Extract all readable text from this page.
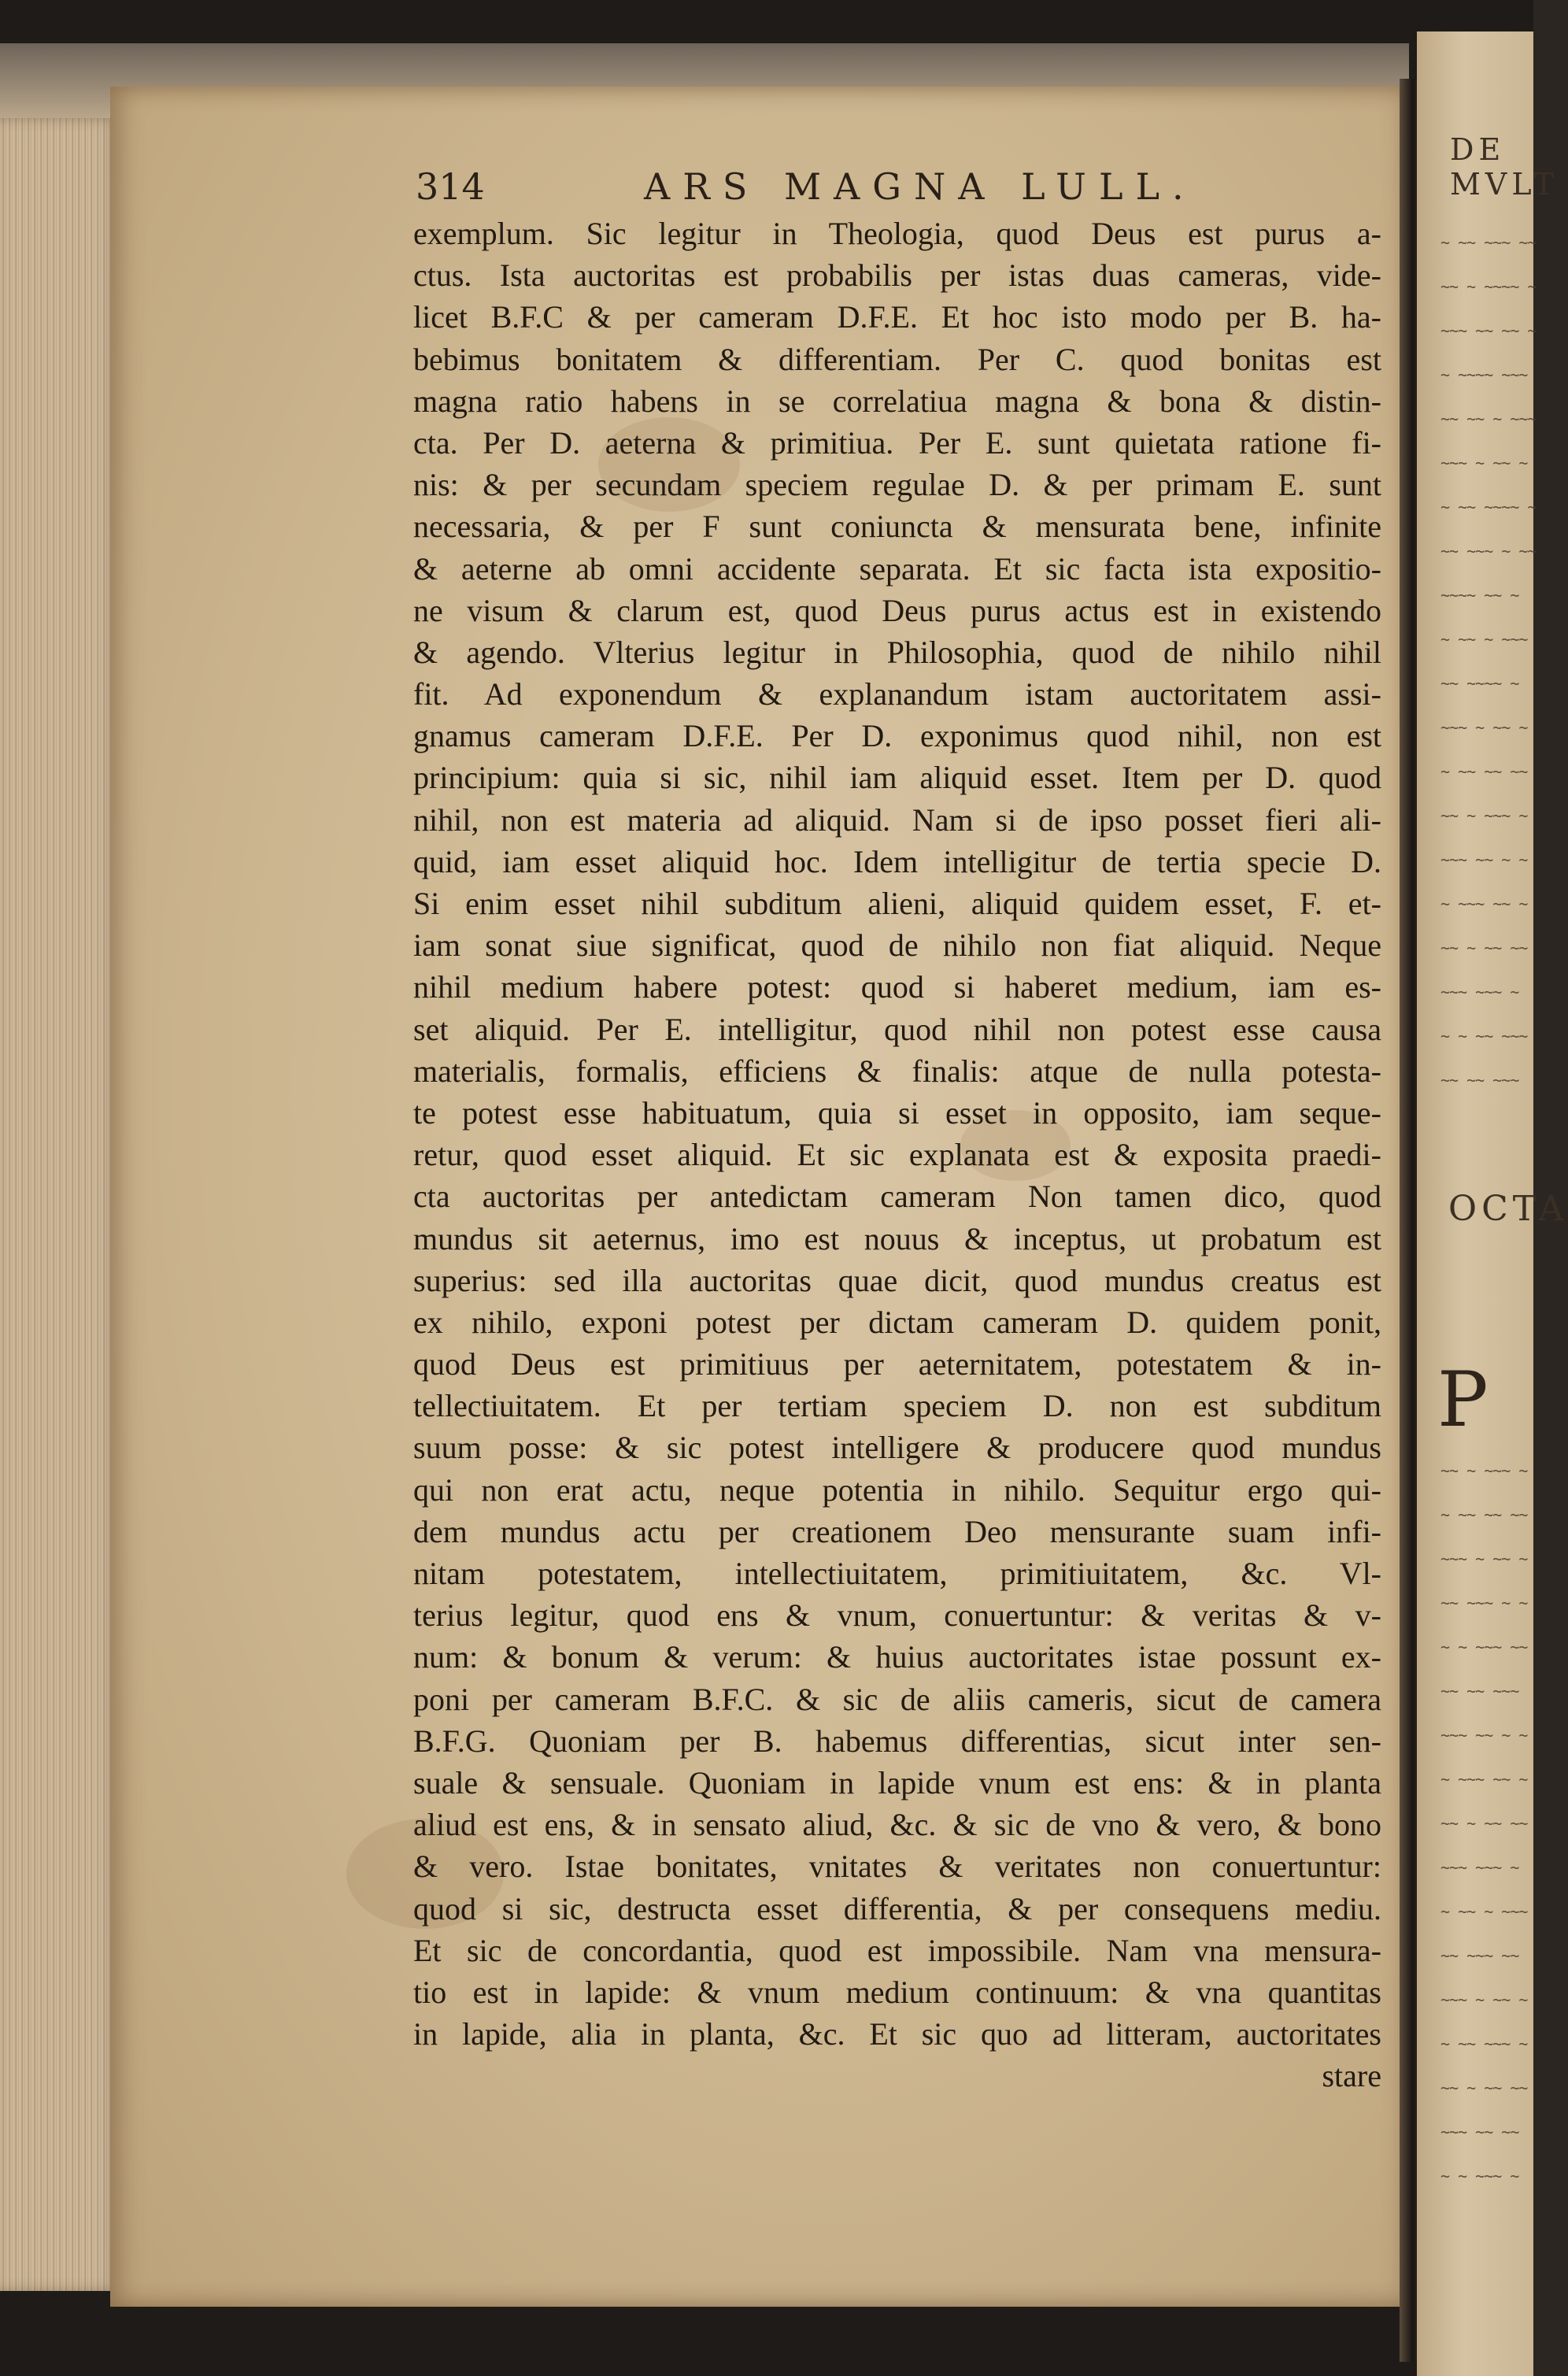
314	ARS MAGNA LULL.
exemplum. Sic legitur in Theologia, quod Deus est purus a-
ctus. Ista auctoritas est probabilis per istas duas cameras, vide-
licet B.F.C & per cameram D.F.E. Et hoc isto modo per B. ha-
bebimus bonitatem & differentiam. Per C. quod bonitas est
magna ratio habens in se correlatiua magna & bona & distin-
cta. Per D. aeterna & primitiua. Per E. sunt quietata ratione fi-
nis: & per secundam speciem regulae D. & per primam E. sunt
necessaria, & per F sunt coniuncta & mensurata bene, infinite
& aeterne ab omni accidente separata. Et sic facta ista expositio-
ne visum & clarum est, quod Deus purus actus est in existendo
& agendo. Vlterius legitur in Philosophia, quod de nihilo nihil
fit. Ad exponendum & explanandum istam auctoritatem assi-
gnamus cameram D.F.E. Per D. exponimus quod nihil, non est
principium: quia si sic, nihil iam aliquid esset. Item per D. quod
nihil, non est materia ad aliquid. Nam si de ipso posset fieri ali-
quid, iam esset aliquid hoc. Idem intelligitur de tertia specie D.
Si enim esset nihil subditum alieni, aliquid quidem esset, F. et-
iam sonat siue significat, quod de nihilo non fiat aliquid. Neque
nihil medium habere potest: quod si haberet medium, iam es-
set aliquid. Per E. intelligitur, quod nihil non potest esse causa
materialis, formalis, efficiens & finalis: atque de nulla potesta-
te potest esse habituatum, quia si esset in opposito, iam seque-
retur, quod esset aliquid. Et sic explanata est & exposita praedi-
cta auctoritas per antedictam cameram Non tamen dico, quod
mundus sit aeternus, imo est nouus & inceptus, ut probatum est
superius: sed illa auctoritas quae dicit, quod mundus creatus est
ex nihilo, exponi potest per dictam cameram D. quidem ponit,
quod Deus est primitiuus per aeternitatem, potestatem & in-
tellectiuitatem. Et per tertiam speciem D. non est subditum
suum posse: & sic potest intelligere & producere quod mundus
qui non erat actu, neque potentia in nihilo. Sequitur ergo qui-
dem mundus actu per creationem Deo mensurante suam infi-
nitam potestatem, intellectiuitatem, primitiuitatem, &c. Vl-
terius legitur, quod ens & vnum, conuertuntur: & veritas & v-
num: & bonum & verum: & huius auctoritates istae possunt ex-
poni per cameram B.F.C. & sic de aliis cameris, sicut de camera
B.F.G. Quoniam per B. habemus differentias, sicut inter sen-
suale & sensuale. Quoniam in lapide vnum est ens: & in planta
aliud est ens, & in sensato aliud, &c. & sic de vno & vero, & bono
& vero. Istae bonitates, vnitates & veritates non conuertuntur:
quod si sic, destructa esset differentia, & per consequens mediu.
Et sic de concordantia, quod est impossibile. Nam vna mensura-
tio est in lapide: & vnum medium continuum: & vna quantitas
in lapide, alia in planta, &c. Et sic quo ad litteram, auctoritates
stare
DE MVLT
~ ~~ ~~~ ~~
~~ ~ ~~~~ ~
~~~ ~~ ~~ ~
~ ~~~~ ~~~
~~ ~~ ~ ~~~
~~~ ~ ~~ ~
~ ~~ ~~~~ ~
~~ ~~~ ~ ~~
~~~~ ~~ ~
~ ~~ ~ ~~~
~~ ~~~~ ~
~~~ ~ ~~ ~
~ ~~ ~~ ~~
~~ ~ ~~~ ~
~~~ ~~ ~ ~
~ ~~~ ~~ ~
~~ ~ ~~ ~~
~~~ ~~~ ~
~ ~ ~~ ~~~
~~ ~~ ~~~
OCTA
P
~~ ~ ~~~ ~
~ ~~ ~~ ~~
~~~ ~ ~~ ~
~~ ~~~ ~ ~
~ ~ ~~~ ~~
~~ ~~ ~~~
~~~ ~~ ~ ~
~ ~~~ ~~ ~
~~ ~ ~~ ~~
~~~ ~~~ ~
~ ~~ ~ ~~~
~~ ~~~ ~~
~~~ ~ ~~ ~
~ ~~ ~~~ ~
~~ ~ ~~ ~~
~~~ ~~ ~~
~ ~ ~~~ ~
